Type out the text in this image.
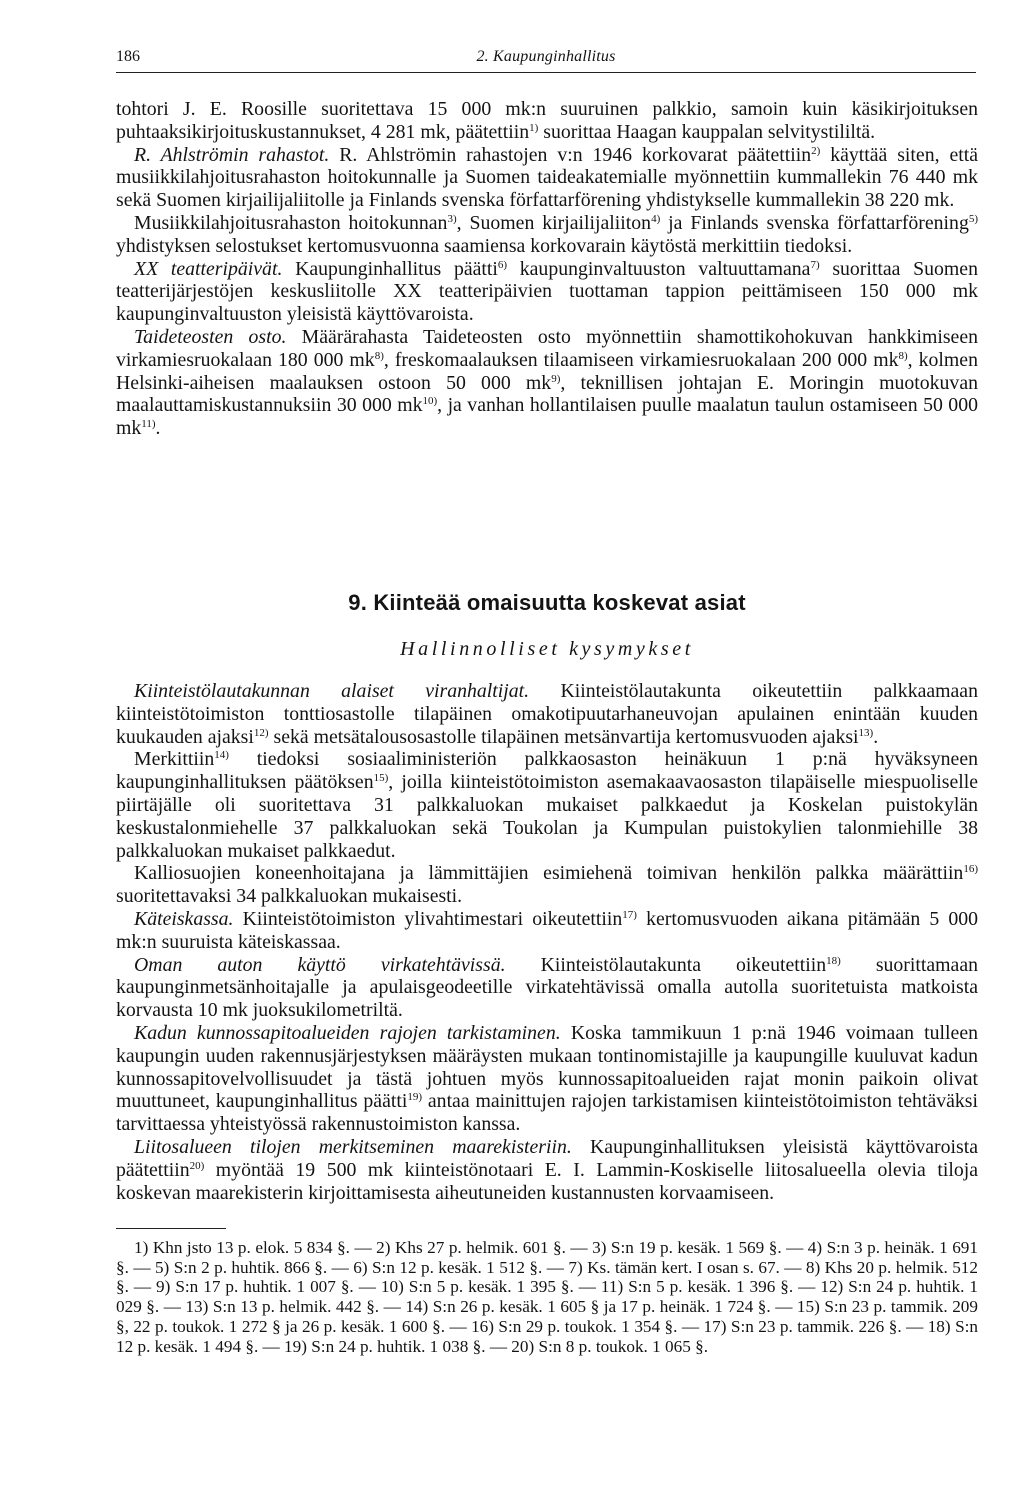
186	2. Kaupunginhallitus

tohtori J. E. Roosille suoritettava 15 000 mk:n suuruinen palkkio, samoin kuin käsikirjoituksen puhtaaksikirjoituskustannukset, 4 281 mk, päätettiin$^{1)}$ suorittaa Haagan kauppalan selvitystililtä.

R. Ahlströmin rahastot. R. Ahlströmin rahastojen v:n 1946 korkovarat päätettiin$^{2)}$ käyttää siten, että musiikkilahjoitusrahaston hoitokunnalle ja Suomen taideakatemialle myönnettiin kummallekin 76 440 mk sekä Suomen kirjailijaliitolle ja Finlands svenska författarförening yhdistykselle kummallekin 38 220 mk.

Musiikkilahjoitusrahaston hoitokunnan$^{3)}$, Suomen kirjailijaliiton$^{4)}$ ja Finlands svenska författarförening$^{5)}$ yhdistyksen selostukset kertomusvuonna saamiensa korkovarain käytöstä merkittiin tiedoksi.

XX teatteripäivät. Kaupunginhallitus päätti$^{6)}$ kaupunginvaltuuston valtuuttamana$^{7)}$ suorittaa Suomen teatterijärjestöjen keskusliitolle XX teatteripäivien tuottaman tappion peittämiseen 150 000 mk kaupunginvaltuuston yleisistä käyttövaroista.

Taideteosten osto. Määrärahasta Taideteosten osto myönnettiin shamottikohokuvan hankkimiseen virkamiesruokalaan 180 000 $mk^{8)}$, freskomaalauksen tilaamiseen virkamiesruokalaan 200 000 $mk^{8)}$, kolmen Helsinki-aiheisen maalauksen ostoon 50 000 $mk^{9)}$, teknillisen johtajan E. Moringin muotokuvan maalauttamiskustannuksiin 30 000 $mk^{10)}$, ja vanhan hollantilaisen puulle maalatun taulun ostamiseen 50 000 $mk^{11)}$.

9. Kiinteää omaisuutta koskevat asiat
Hallinnolliset kysymykset

Kiinteistölautakunnan alaiset viranhaltijat. Kiinteistölautakunta oikeutettiin palkkaamaan kiinteistötoimiston tonttiosastolle tilapäinen omakotipuutarhaneuvojan apulainen enintään kuuden kuukauden ajaksi$^{12)}$ sekä metsätalousosastolle tilapäinen metsänvartija kertomusvuoden ajaksi$^{13)}$.

Merkittiin$^{14)}$ tiedoksi sosiaaliministeriön palkkaosaston heinäkuun 1 p:nä hyväksyneen kaupunginhallituksen päätöksen$^{15)}$, joilla kiinteistötoimiston asemakaavaosaston tilapäiselle miespuoliselle piirtäjälle oli suoritettava 31 palkkaluokan mukaiset palkkaedut ja Koskelan puistokylän keskustalonmiehelle 37 palkkaluokan sekä Toukolan ja Kumpulan puistokylien talonmiehille 38 palkkaluokan mukaiset palkkaedut.

Kalliosuojien koneenhoitajana ja lämmittäjien esimiehenä toimivan henkilön palkka määrättiin$^{16)}$ suoritettavaksi 34 palkkaluokan mukaisesti.

Käteiskassa. Kiinteistötoimiston ylivahtimestari oikeutettiin$^{17)}$ kertomusvuoden aikana pitämään 5 000 mk:n suuruista käteiskassaa.

Oman auton käyttö virkatehtävissä. Kiinteistölautakunta oikeutettiin$^{18)}$ suorittamaan kaupunginmetsänhoitajalle ja apulaisgeodeetille virkatehtävissä omalla autolla suoritetuista matkoista korvausta 10 mk juoksukilometriltä.

Kadun kunnossapitoalueiden rajojen tarkistaminen. Koska tammikuun 1 p:nä 1946 voimaan tulleen kaupungin uuden rakennusjärjestyksen määräysten mukaan tontinomistajille ja kaupungille kuuluvat kadun kunnossapitovelvollisuudet ja tästä johtuen myös kunnossapitoalueiden rajat monin paikoin olivat muuttuneet, kaupunginhallitus päätti$^{19)}$ antaa mainittujen rajojen tarkistamisen kiinteistötoimiston tehtäväksi tarvittaessa yhteistyössä rakennustoimiston kanssa.

Liitosalueen tilojen merkitseminen maarekisteriin. Kaupunginhallituksen yleisistä käyttövaroista päätettiin$^{20)}$ myöntää 19 500 mk kiinteistönotaari E. I. Lammin-Koskiselle liitosalueella olevia tiloja koskevan maarekisterin kirjoittamisesta aiheutuneiden kustannusten korvaamiseen.

1) Khn jsto 13 p. elok. 5 834 §. — 2) Khs 27 p. helmik. 601 §. — 3) S:n 19 p. kesäk. 1 569 §. — 4) S:n 3 p. heinäk. 1 691 §. — 5) S:n 2 p. huhtik. 866 §. — 6) S:n 12 p. kesäk. 1 512 §. — 7) Ks. tämän kert. I osan s. 67. — 8) Khs 20 p. helmik. 512 §. — 9) S:n 17 p. huhtik. 1 007 §. — 10) S:n 5 p. kesäk. 1 395 §. — 11) S:n 5 p. kesäk. 1 396 §. — 12) S:n 24 p. huhtik. 1 029 §. — 13) S:n 13 p. helmik. 442 §. — 14) S:n 26 p. kesäk. 1 605 § ja 17 p. heinäk. 1 724 §. — 15) S:n 23 p. tammik. 209 §, 22 p. toukok. 1 272 § ja 26 p. kesäk. 1 600 §. — 16) S:n 29 p. toukok. 1 354 §. — 17) S:n 23 p. tammik. 226 §. — 18) S:n 12 p. kesäk. 1 494 §. — 19) S:n 24 p. huhtik. 1 038 §. — 20) S:n 8 p. toukok. 1 065 §.
